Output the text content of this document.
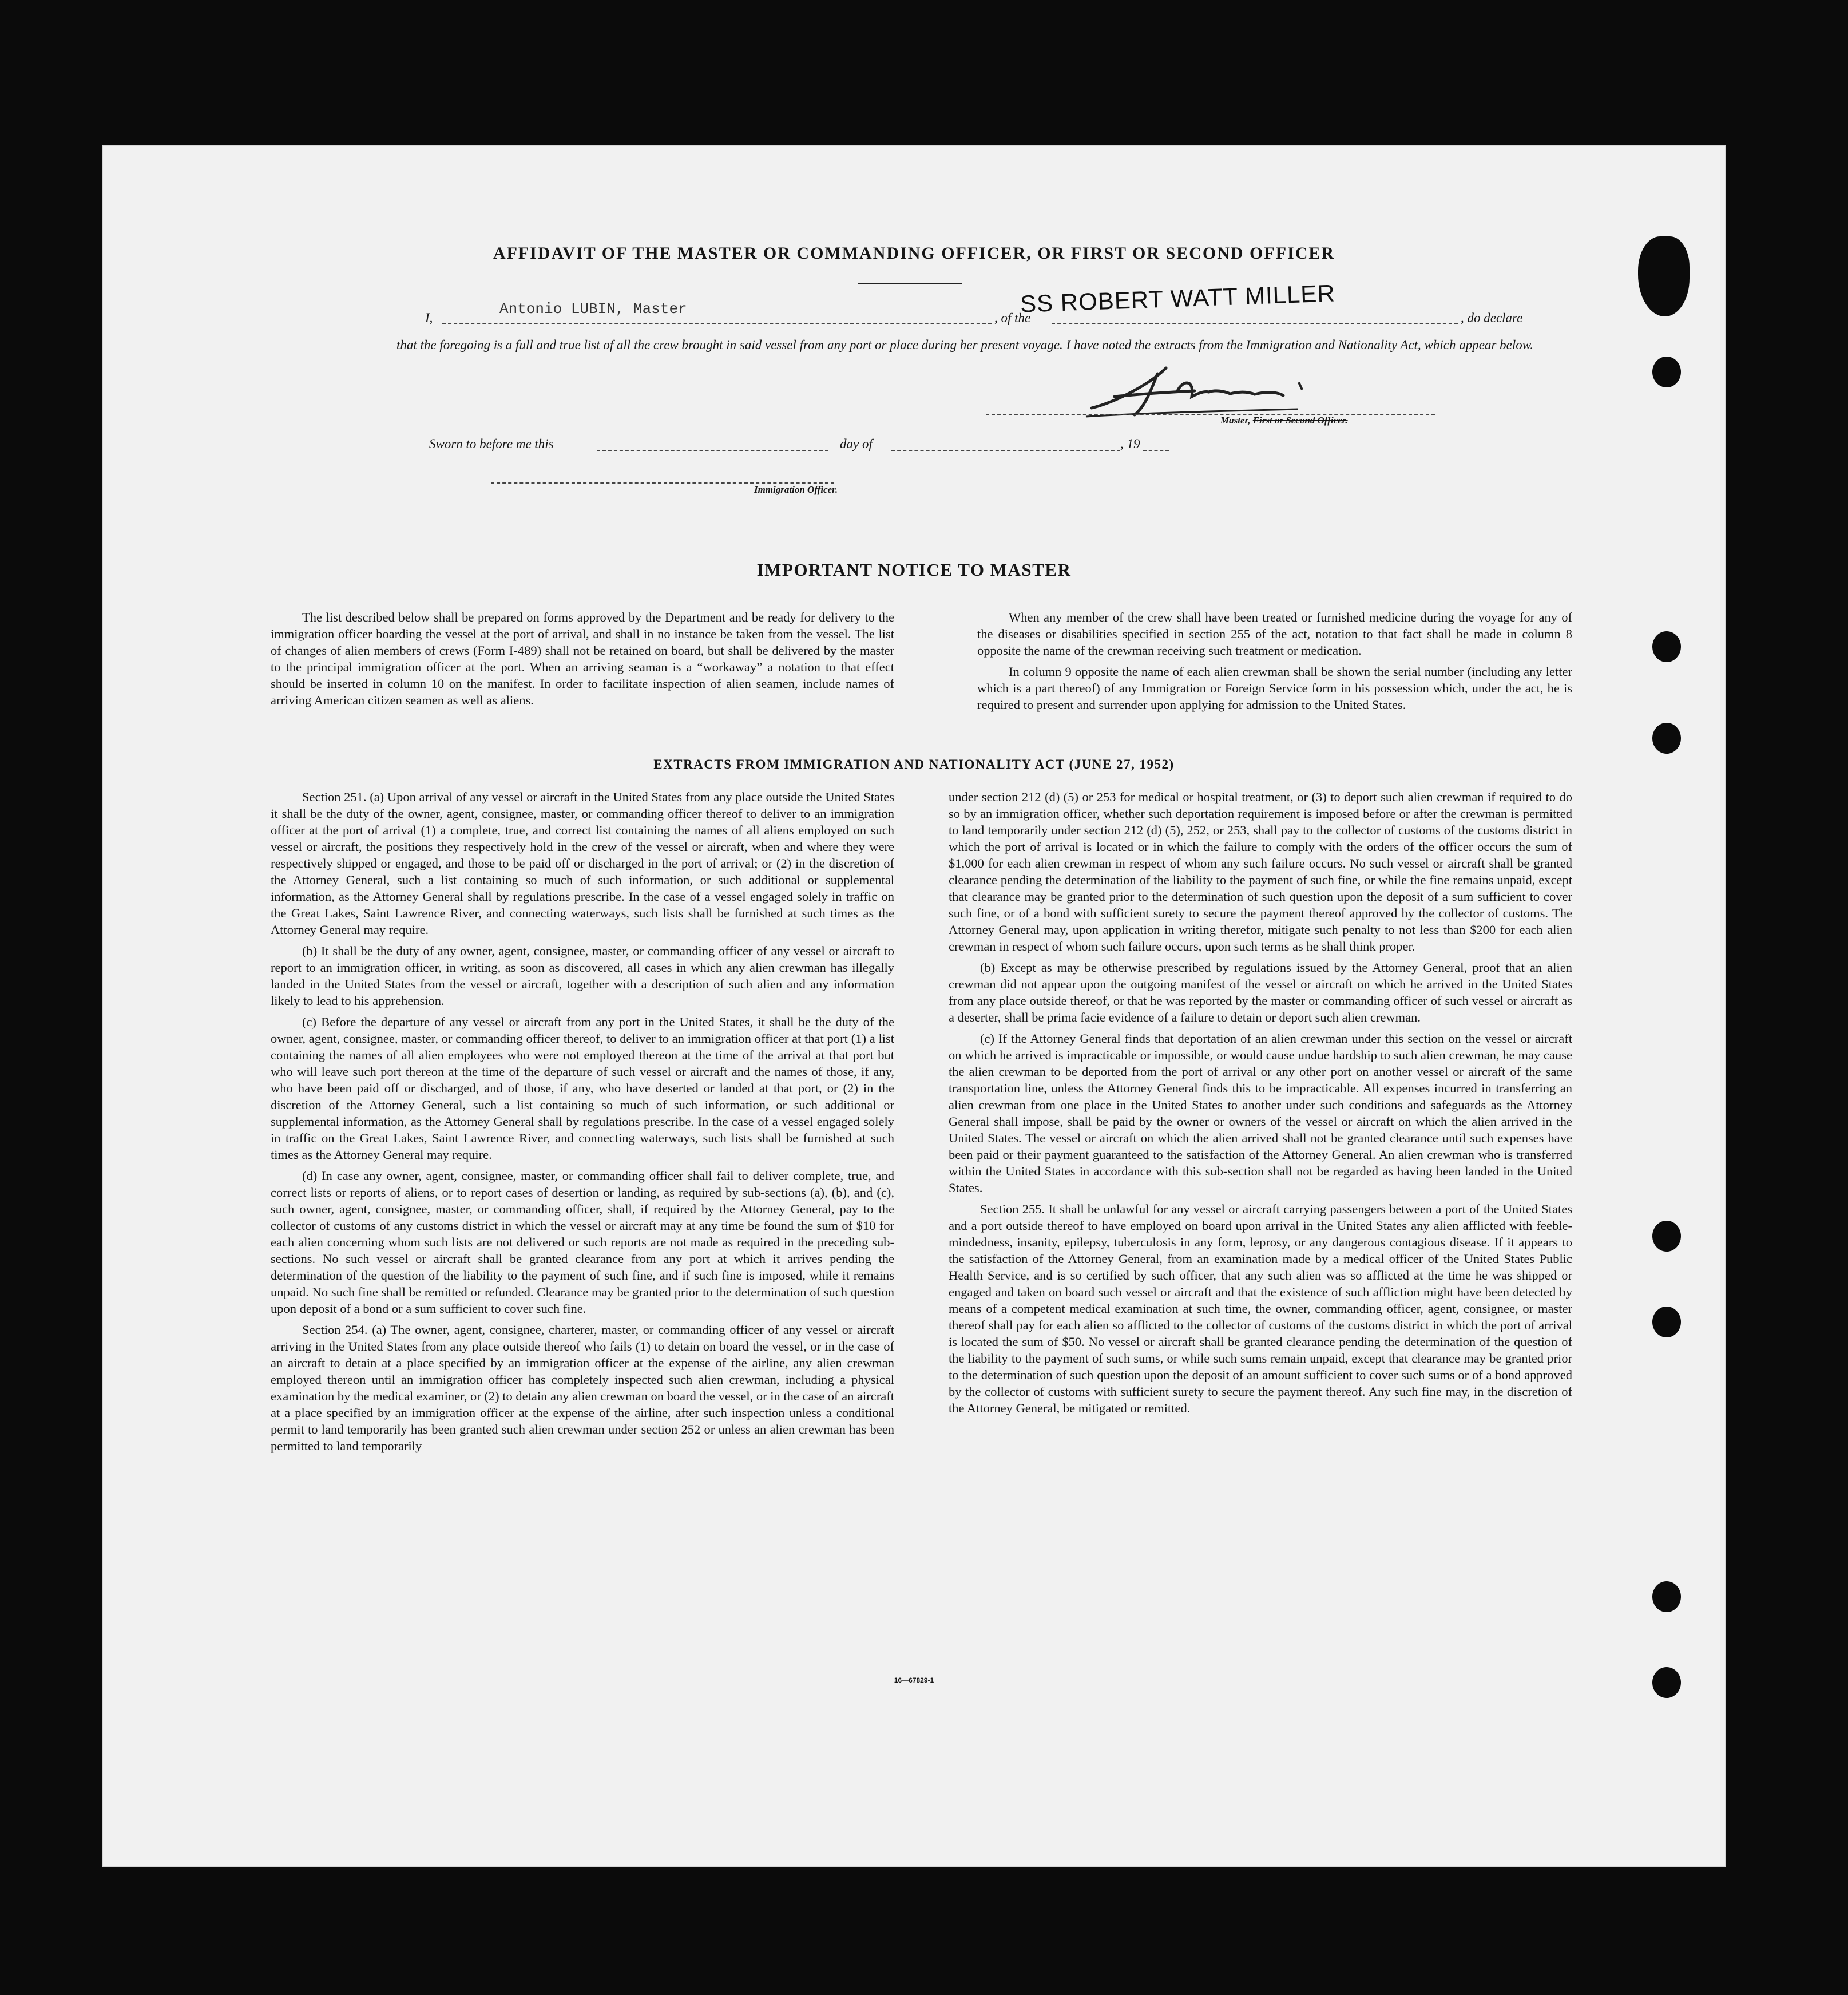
AFFIDAVIT OF THE MASTER OR COMMANDING OFFICER, OR FIRST OR SECOND OFFICER
I,
Antonio LUBIN, Master
, of the
SS ROBERT WATT MILLER
, do declare
that the foregoing is a full and true list of all the crew brought in said vessel from any port or place during her present voyage. I have noted the extracts from the Immigration and Nationality Act, which appear below.
Master, First or Second Officer.
Sworn to before me this	day of	, 19
Immigration Officer.
IMPORTANT NOTICE TO MASTER

The list described below shall be prepared on forms approved by the Department and be ready for delivery to the immigration officer boarding the vessel at the port of arrival, and shall in no instance be taken from the vessel. The list of changes of alien members of crews (Form I-489) shall not be retained on board, but shall be delivered by the master to the principal immigration officer at the port. When an arriving seaman is a “workaway” a notation to that effect should be inserted in column 10 on the manifest. In order to facilitate inspection of alien seamen, include names of arriving American citizen seamen as well as aliens.

When any member of the crew shall have been treated or furnished medicine during the voyage for any of the diseases or disabilities specified in section 255 of the act, notation to that fact shall be made in column 8 opposite the name of the crewman receiving such treatment or medication.

In column 9 opposite the name of each alien crewman shall be shown the serial number (including any letter which is a part thereof) of any Immigration or Foreign Service form in his possession which, under the act, he is required to present and surrender upon applying for admission to the United States.

EXTRACTS FROM IMMIGRATION AND NATIONALITY ACT (JUNE 27, 1952)

Section 251. (a) Upon arrival of any vessel or aircraft in the United States from any place outside the United States it shall be the duty of the owner, agent, consignee, master, or commanding officer thereof to deliver to an immigration officer at the port of arrival (1) a complete, true, and correct list containing the names of all aliens employed on such vessel or aircraft, the positions they respectively hold in the crew of the vessel or aircraft, when and where they were respectively shipped or engaged, and those to be paid off or discharged in the port of arrival; or (2) in the discretion of the Attorney General, such a list containing so much of such information, or such additional or supplemental information, as the Attorney General shall by regulations prescribe. In the case of a vessel engaged solely in traffic on the Great Lakes, Saint Lawrence River, and connecting waterways, such lists shall be furnished at such times as the Attorney General may require.

(b) It shall be the duty of any owner, agent, consignee, master, or commanding officer of any vessel or aircraft to report to an immigration officer, in writing, as soon as discovered, all cases in which any alien crewman has illegally landed in the United States from the vessel or aircraft, together with a description of such alien and any information likely to lead to his apprehension.

(c) Before the departure of any vessel or aircraft from any port in the United States, it shall be the duty of the owner, agent, consignee, master, or commanding officer thereof, to deliver to an immigration officer at that port (1) a list containing the names of all alien employees who were not employed thereon at the time of the arrival at that port but who will leave such port thereon at the time of the departure of such vessel or aircraft and the names of those, if any, who have been paid off or discharged, and of those, if any, who have deserted or landed at that port, or (2) in the discretion of the Attorney General, such a list containing so much of such information, or such additional or supplemental information, as the Attorney General shall by regulations prescribe. In the case of a vessel engaged solely in traffic on the Great Lakes, Saint Lawrence River, and connecting waterways, such lists shall be furnished at such times as the Attorney General may require.

(d) In case any owner, agent, consignee, master, or commanding officer shall fail to deliver complete, true, and correct lists or reports of aliens, or to report cases of desertion or landing, as required by sub-sections (a), (b), and (c), such owner, agent, consignee, master, or commanding officer, shall, if required by the Attorney General, pay to the collector of customs of any customs district in which the vessel or aircraft may at any time be found the sum of $10 for each alien concerning whom such lists are not delivered or such reports are not made as required in the preceding sub-sections. No such vessel or aircraft shall be granted clearance from any port at which it arrives pending the determination of the question of the liability to the payment of such fine, and if such fine is imposed, while it remains unpaid. No such fine shall be remitted or refunded. Clearance may be granted prior to the determination of such question upon deposit of a bond or a sum sufficient to cover such fine.

Section 254. (a) The owner, agent, consignee, charterer, master, or commanding officer of any vessel or aircraft arriving in the United States from any place outside thereof who fails (1) to detain on board the vessel, or in the case of an aircraft to detain at a place specified by an immigration officer at the expense of the airline, any alien crewman employed thereon until an immigration officer has completely inspected such alien crewman, including a physical examination by the medical examiner, or (2) to detain any alien crewman on board the vessel, or in the case of an aircraft at a place specified by an immigration officer at the expense of the airline, after such inspection unless a conditional permit to land temporarily has been granted such alien crewman under section 252 or unless an alien crewman has been permitted to land temporarily

under section 212 (d) (5) or 253 for medical or hospital treatment, or (3) to deport such alien crewman if required to do so by an immigration officer, whether such deportation requirement is imposed before or after the crewman is permitted to land temporarily under section 212 (d) (5), 252, or 253, shall pay to the collector of customs of the customs district in which the port of arrival is located or in which the failure to comply with the orders of the officer occurs the sum of $1,000 for each alien crewman in respect of whom any such failure occurs. No such vessel or aircraft shall be granted clearance pending the determination of the liability to the payment of such fine, or while the fine remains unpaid, except that clearance may be granted prior to the determination of such question upon the deposit of a sum sufficient to cover such fine, or of a bond with sufficient surety to secure the payment thereof approved by the collector of customs. The Attorney General may, upon application in writing therefor, mitigate such penalty to not less than $200 for each alien crewman in respect of whom such failure occurs, upon such terms as he shall think proper.

(b) Except as may be otherwise prescribed by regulations issued by the Attorney General, proof that an alien crewman did not appear upon the outgoing manifest of the vessel or aircraft on which he arrived in the United States from any place outside thereof, or that he was reported by the master or commanding officer of such vessel or aircraft as a deserter, shall be prima facie evidence of a failure to detain or deport such alien crewman.

(c) If the Attorney General finds that deportation of an alien crewman under this section on the vessel or aircraft on which he arrived is impracticable or impossible, or would cause undue hardship to such alien crewman, he may cause the alien crewman to be deported from the port of arrival or any other port on another vessel or aircraft of the same transportation line, unless the Attorney General finds this to be impracticable. All expenses incurred in transferring an alien crewman from one place in the United States to another under such conditions and safeguards as the Attorney General shall impose, shall be paid by the owner or owners of the vessel or aircraft on which the alien arrived in the United States. The vessel or aircraft on which the alien arrived shall not be granted clearance until such expenses have been paid or their payment guaranteed to the satisfaction of the Attorney General. An alien crewman who is transferred within the United States in accordance with this sub-section shall not be regarded as having been landed in the United States.

Section 255. It shall be unlawful for any vessel or aircraft carrying passengers between a port of the United States and a port outside thereof to have employed on board upon arrival in the United States any alien afflicted with feeble-mindedness, insanity, epilepsy, tuberculosis in any form, leprosy, or any dangerous contagious disease. If it appears to the satisfaction of the Attorney General, from an examination made by a medical officer of the United States Public Health Service, and is so certified by such officer, that any such alien was so afflicted at the time he was shipped or engaged and taken on board such vessel or aircraft and that the existence of such affliction might have been detected by means of a competent medical examination at such time, the owner, commanding officer, agent, consignee, or master thereof shall pay for each alien so afflicted to the collector of customs of the customs district in which the port of arrival is located the sum of $50. No vessel or aircraft shall be granted clearance pending the determination of the question of the liability to the payment of such sums, or while such sums remain unpaid, except that clearance may be granted prior to the determination of such question upon the deposit of an amount sufficient to cover such sums or of a bond approved by the collector of customs with sufficient surety to secure the payment thereof. Any such fine may, in the discretion of the Attorney General, be mitigated or remitted.

16—67829-1
